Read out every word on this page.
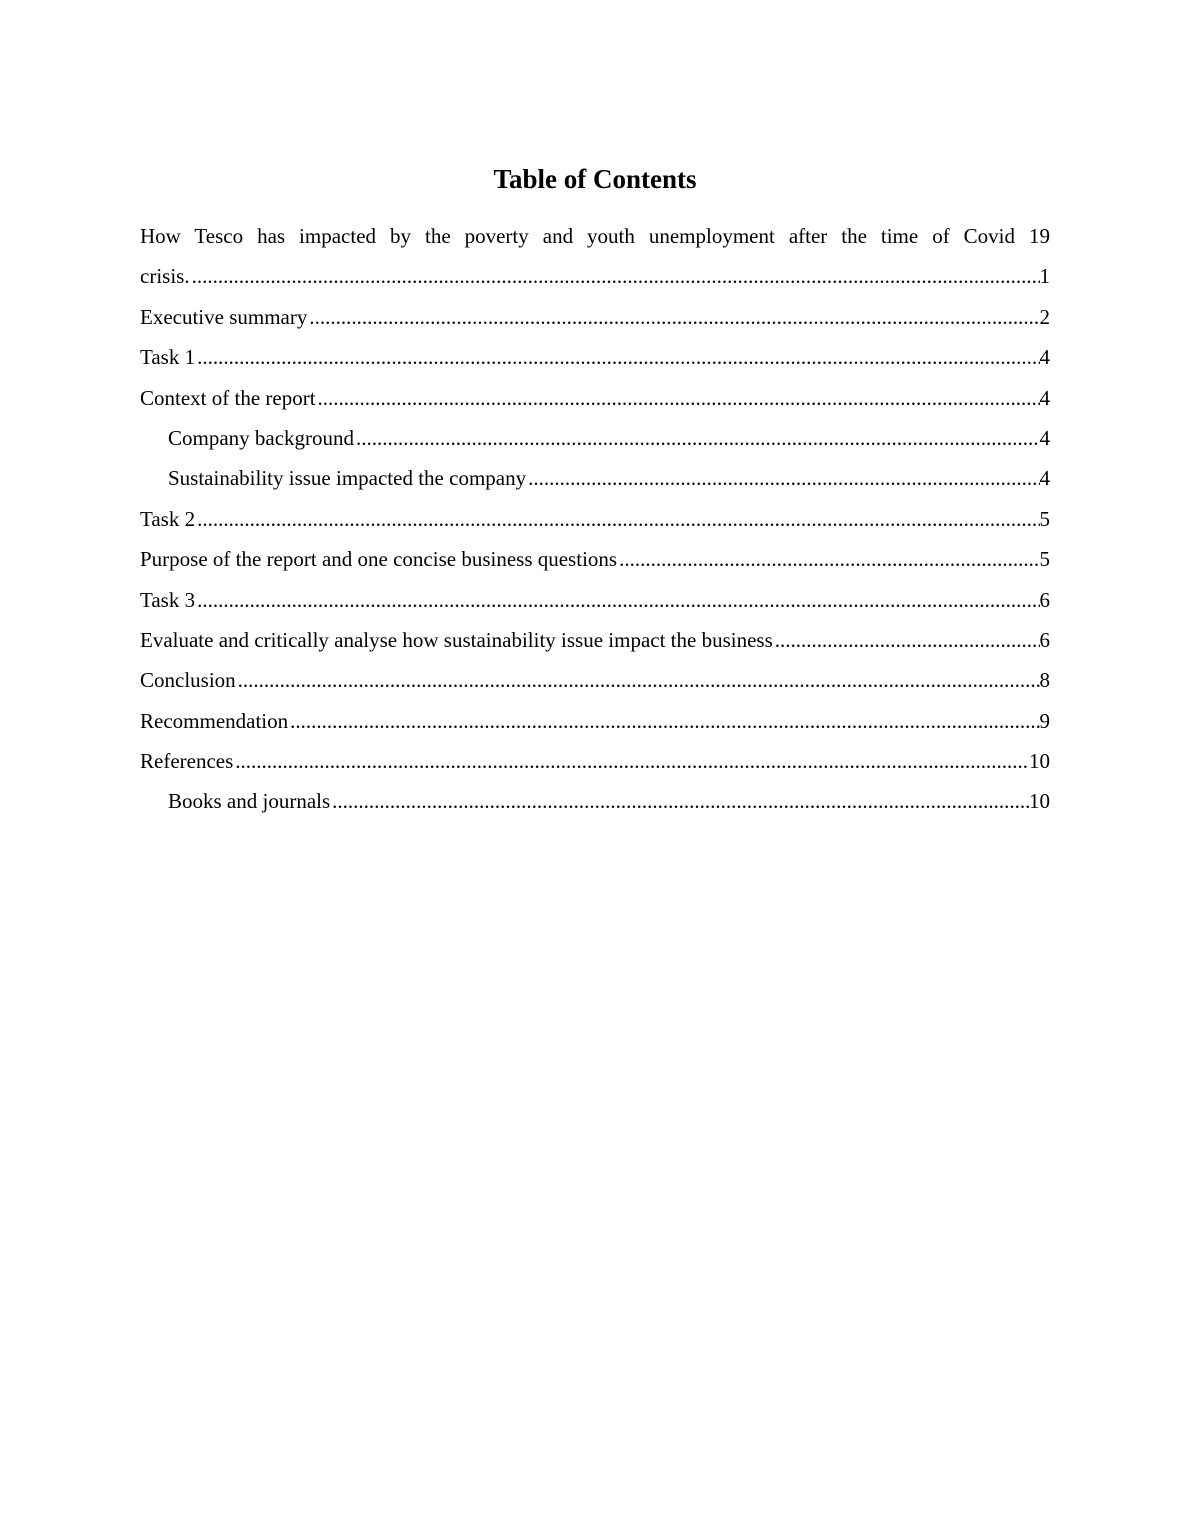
Table of Contents
How Tesco has impacted by the poverty and youth unemployment after the time of Covid 19
crisis. .....	1
Executive summary .....	2
Task 1 .....	4
Context of the report .....	4
Company background .....	4
Sustainability issue impacted the company .....	4
Task 2 .....	5
Purpose of the report and one concise business questions .....	5
Task 3 .....	6
Evaluate and critically analyse how sustainability issue impact the business .....	6
Conclusion .....	8
Recommendation .....	9
References .....	10
Books and journals .....	10
